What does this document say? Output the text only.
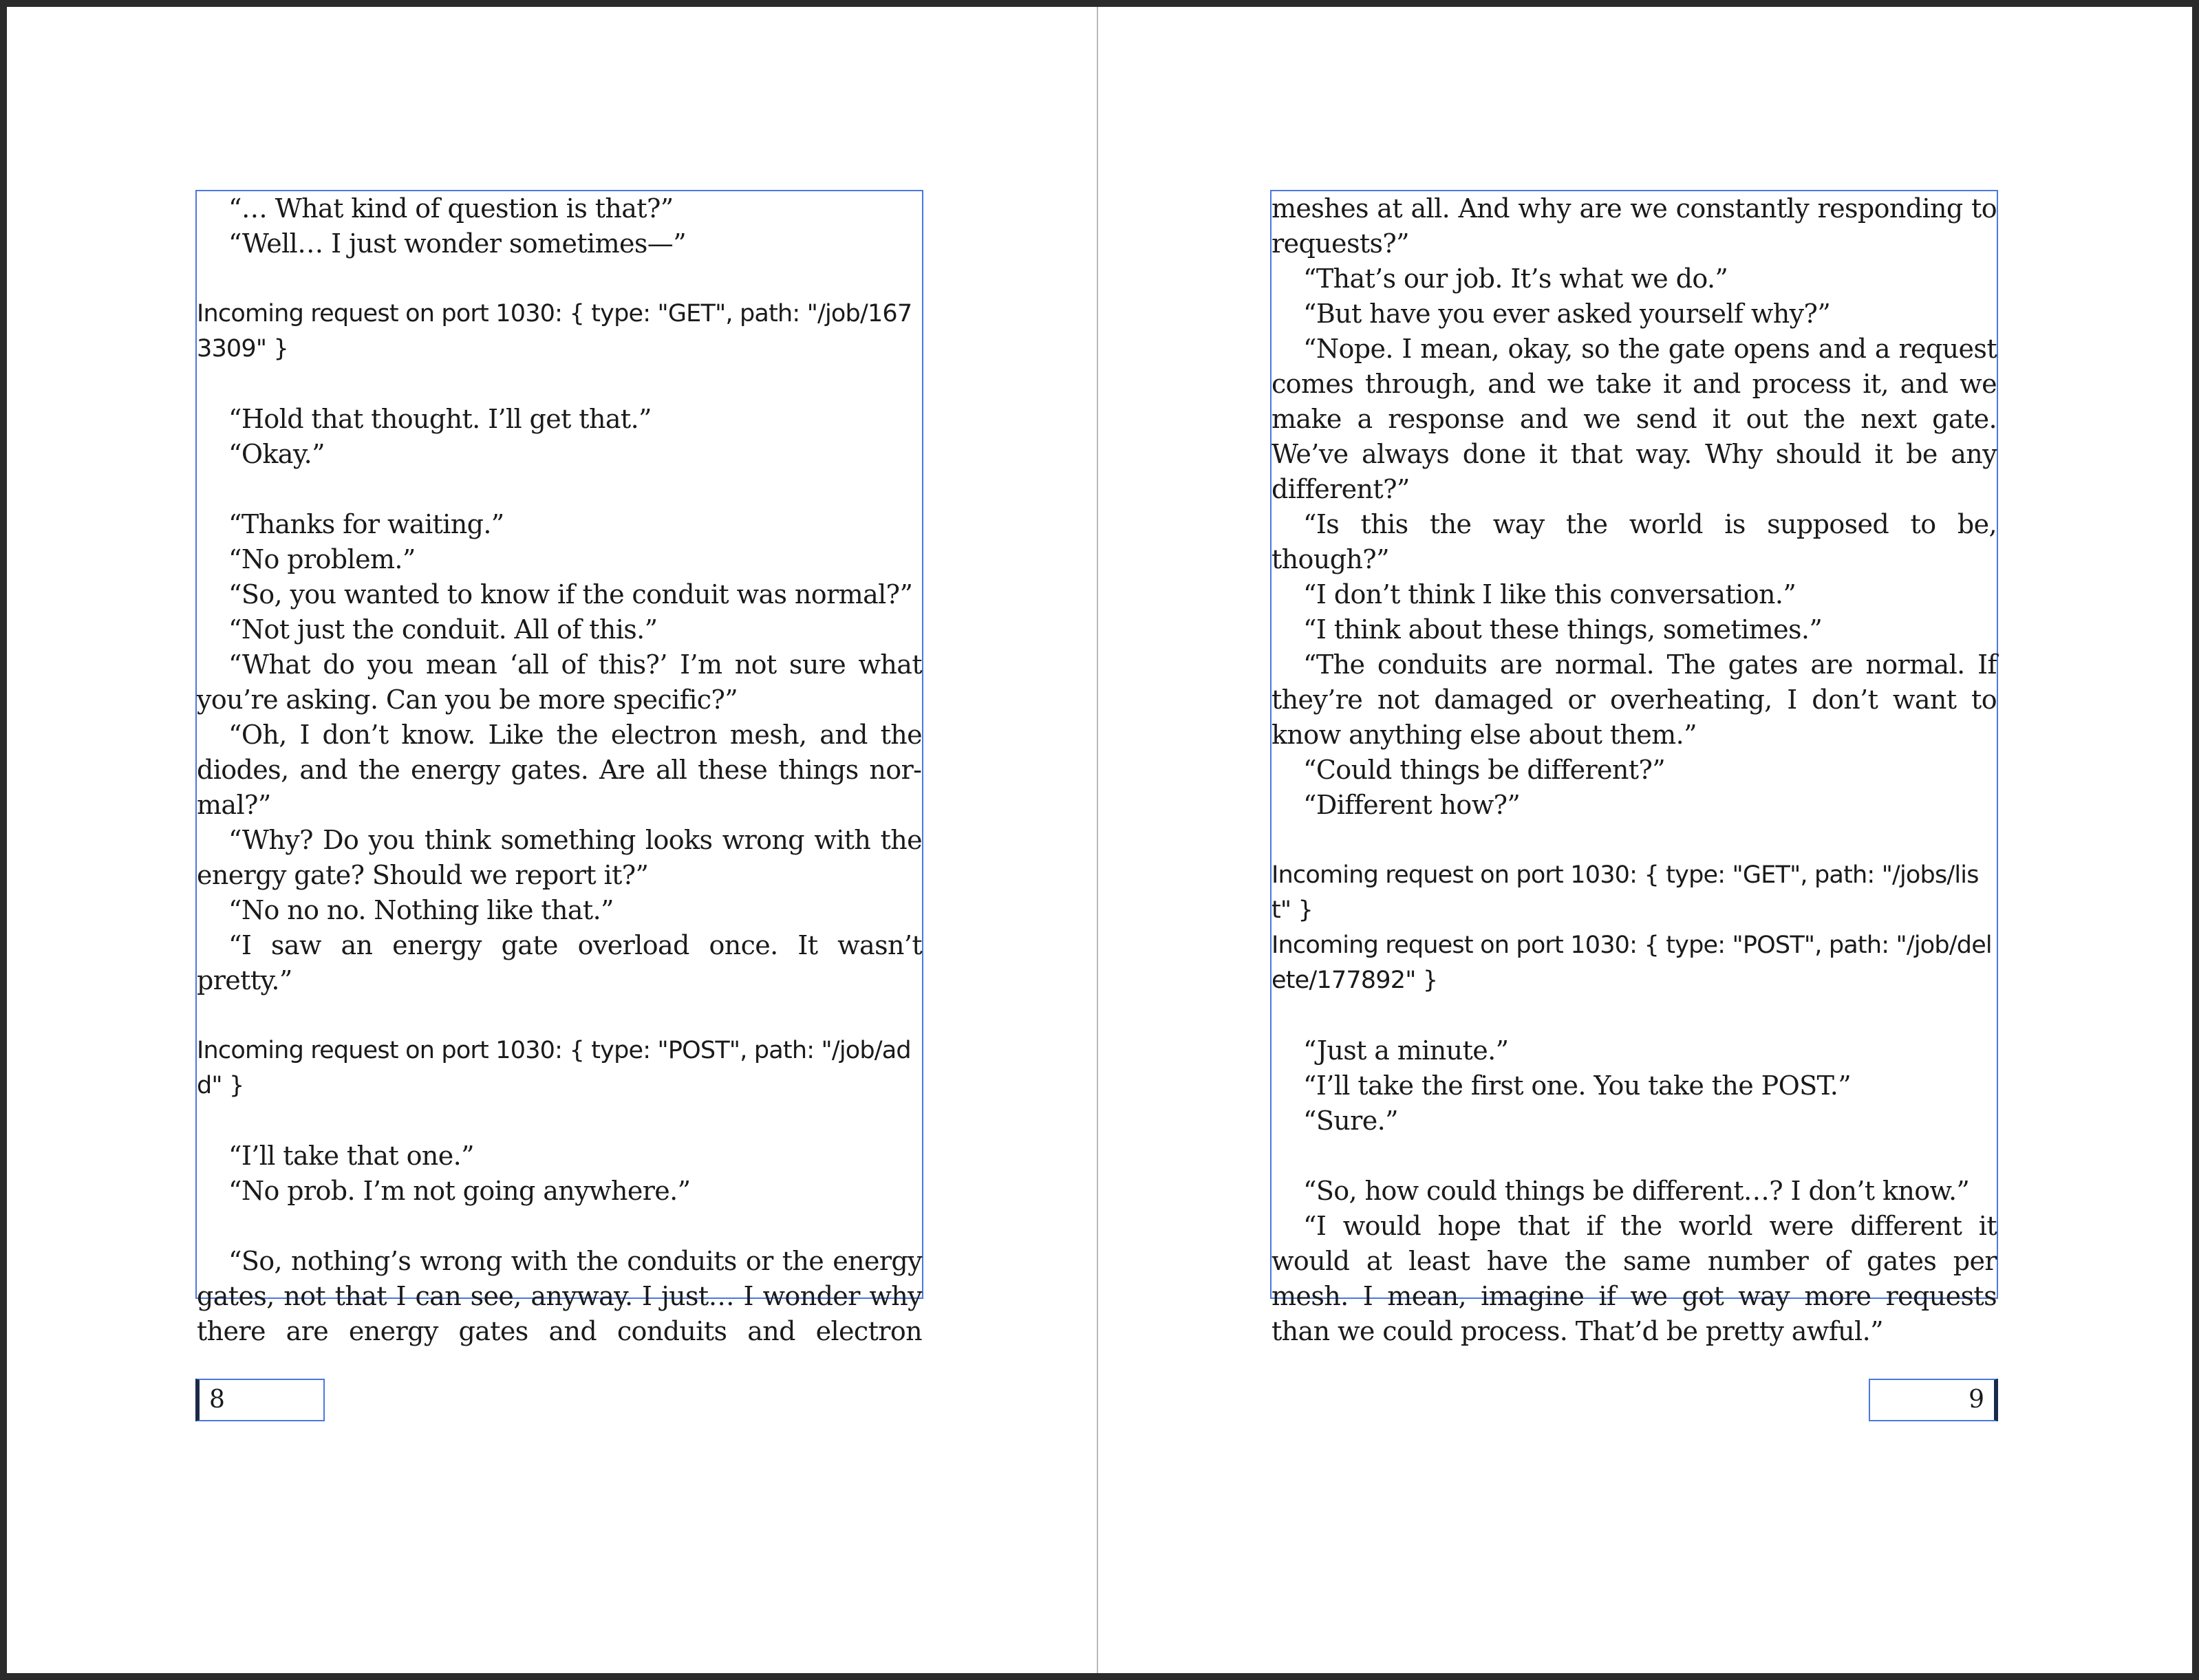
“… What kind of question is that?”

“Well… I just wonder sometimes—”

Incoming request on port 1030: { type: "GET", path: "/job/1673309" }

“Hold that thought. I’ll get that.”

“Okay.”

“Thanks for waiting.”

“No problem.”

“So, you wanted to know if the conduit was normal?”

“Not just the conduit. All of this.”

“What do you mean ‘all of this?’ I’m not sure what you’re asking. Can you be more specific?”

“Oh, I don’t know. Like the electron mesh, and the diodes, and the energy gates. Are all these things normal?”

“Why? Do you think something looks wrong with the energy gate? Should we report it?”

“No no no. Nothing like that.”

“I saw an energy gate overload once. It wasn’t pretty.”

Incoming request on port 1030: { type: "POST", path: "/job/add" }

“I’ll take that one.”

“No prob. I’m not going anywhere.”

“So, nothing’s wrong with the conduits or the energy gates, not that I can see, anyway. I just… I wonder why there are energy gates and conduits and electron

meshes at all. And why are we constantly responding to requests?”

“That’s our job. It’s what we do.”

“But have you ever asked yourself why?”

“Nope. I mean, okay, so the gate opens and a request comes through, and we take it and process it, and we make a response and we send it out the next gate. We’ve always done it that way. Why should it be any different?”

“Is this the way the world is supposed to be, though?”

“I don’t think I like this conversation.”

“I think about these things, sometimes.”

“The conduits are normal. The gates are normal. If they’re not damaged or overheating, I don’t want to know anything else about them.”

“Could things be different?”

“Different how?”

Incoming request on port 1030: { type: "GET", path: "/jobs/list" }

Incoming request on port 1030: { type: "POST", path: "/job/delete/177892" }

“Just a minute.”

“I’ll take the first one. You take the POST.”

“Sure.”

“So, how could things be different…? I don’t know.”

“I would hope that if the world were different it would at least have the same number of gates per mesh. I mean, imagine if we got way more requests than we could process. That’d be pretty awful.”

8	9
